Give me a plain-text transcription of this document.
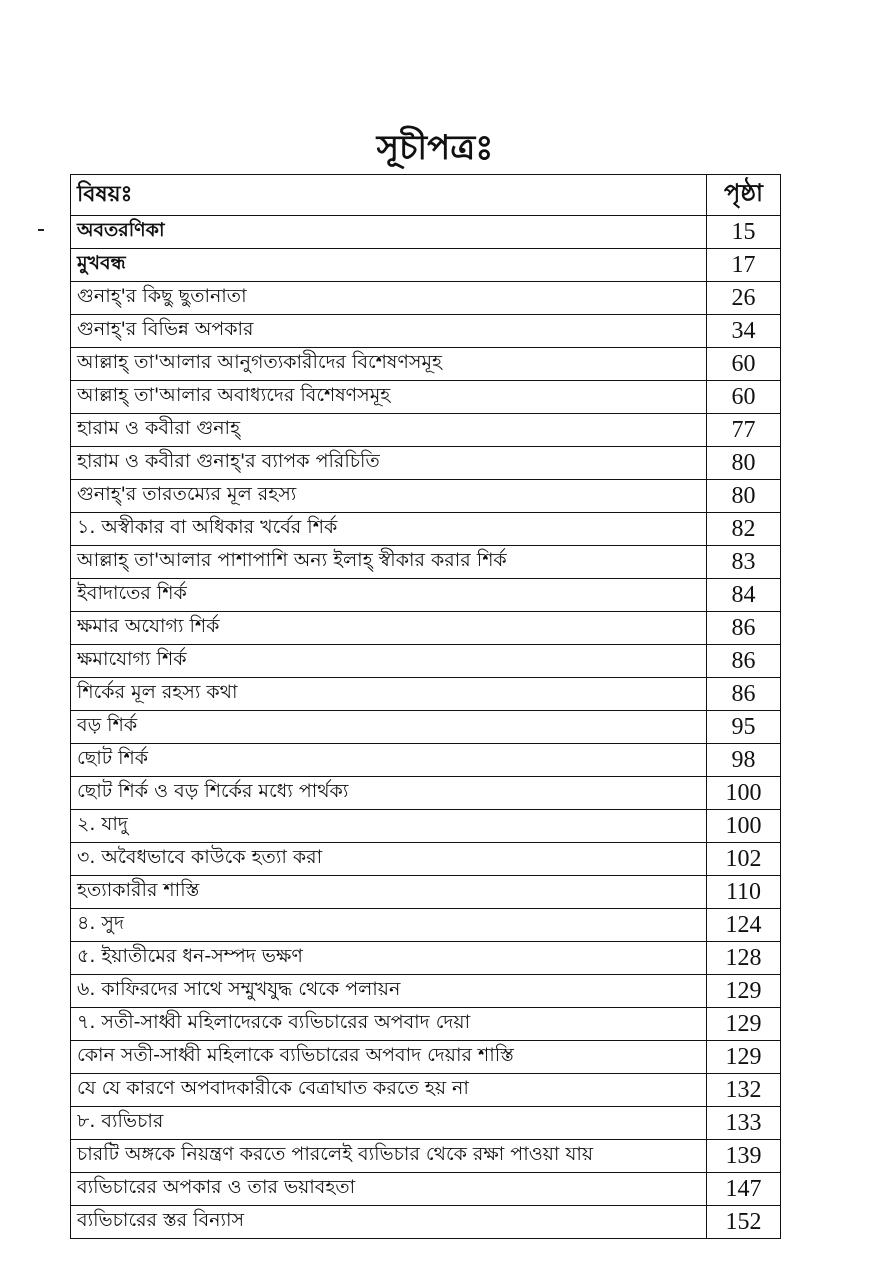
সূচীপত্রঃ
বিষয়ঃ	পৃষ্ঠা
অবতরণিকা	15
মুখবন্ধ	17
গুনাহ্'র কিছু ছুতানাতা	26
গুনাহ্'র বিভিন্ন অপকার	34
আল্লাহ্ তা'আলার আনুগত্যকারীদের বিশেষণসমূহ	60
আল্লাহ্ তা'আলার অবাধ্যদের বিশেষণসমূহ	60
হারাম ও কবীরা গুনাহ্	77
হারাম ও কবীরা গুনাহ্'র ব্যাপক পরিচিতি	80
গুনাহ্'র তারতম্যের মূল রহস্য	80
১. অস্বীকার বা অধিকার খর্বের শির্ক	82
আল্লাহ্ তা'আলার পাশাপাশি অন্য ইলাহ্ স্বীকার করার শির্ক	83
ইবাদাতের শির্ক	84
ক্ষমার অযোগ্য শির্ক	86
ক্ষমাযোগ্য শির্ক	86
শির্কের মূল রহস্য কথা	86
বড় শির্ক	95
ছোট শির্ক	98
ছোট শির্ক ও বড় শির্কের মধ্যে পার্থক্য	100
২. যাদু	100
৩. অবৈধভাবে কাউকে হত্যা করা	102
হত্যাকারীর শাস্তি	110
৪. সুদ	124
৫. ইয়াতীমের ধন-সম্পদ ভক্ষণ	128
৬. কাফিরদের সাথে সম্মুখযুদ্ধ থেকে পলায়ন	129
৭. সতী-সাধ্বী মহিলাদেরকে ব্যভিচারের অপবাদ দেয়া	129
কোন সতী-সাধ্বী মহিলাকে ব্যভিচারের অপবাদ দেয়ার শাস্তি	129
যে যে কারণে অপবাদকারীকে বেত্রাঘাত করতে হয় না	132
৮. ব্যভিচার	133
চারটি অঙ্গকে নিয়ন্ত্রণ করতে পারলেই ব্যভিচার থেকে রক্ষা পাওয়া যায়	139
ব্যভিচারের অপকার ও তার ভয়াবহতা	147
ব্যভিচারের স্তর বিন্যাস	152
